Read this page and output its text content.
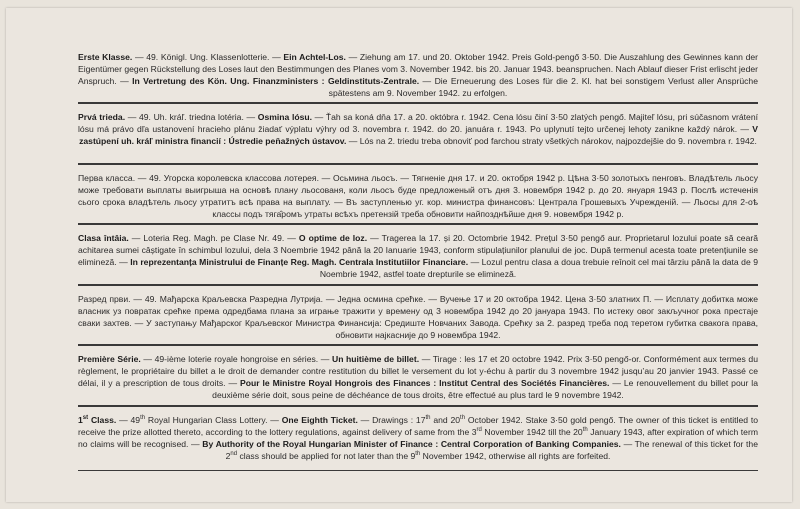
Erste Klasse. — 49. Königl. Ung. Klassenlotterie. — Ein Achtel-Los. — Ziehung am 17. und 20. Oktober 1942. Preis Gold-pengő 3·50. Die Auszahlung des Gewinnes kann der Eigentümer gegen Rückstellung des Loses laut den Bestimmungen des Planes vom 3. November 1942. bis 20. Januar 1943. beanspruchen. Nach Ablauf dieser Frist erlischt jeder Anspruch. — In Vertretung des Kön. Ung. Finanzministers : Geldinstituts-Zentrale. — Die Erneuerung des Loses für die 2. Kl. hat bei sonstigem Verlust aller Ansprüche spätestens am 9. November 1942. zu erfolgen.

Prvá trieda. — 49. Uh. kráľ. triedna lotéria. — Osmina lósu. — Ťah sa koná dňa 17. a 20. októbra r. 1942. Cena lósu činí 3·50 zlatých pengő. Majiteľ lósu, pri súčasnom vrátení lósu má právo dľa ustanovení hracieho plánu žiadať výplatu výhry od 3. novembra r. 1942. do 20. januára r. 1943. Po uplynutí tejto určenej lehoty zanikne každý nárok. — V zastúpení uh. kráľ ministra financií : Ústredie peňažných ústavov. — Lós na 2. triedu treba obnoviť pod farchou straty všetkých nárokov, najpozdejšie do 9. novembra r. 1942.

Перва класса. — 49. Угорска королевска класcова лотерея. — Осьмина льосъ. — Тягненіе дня 17. и 20. октобря 1942 р. Цѣна 3·50 золотыхъ пенговъ. Владѣтель льосу може требовати выплаты выигрыша на основѣ плану льосованя, коли льосъ буде предложеный отъ дня 3. новембря 1942 р. до 20. януаря 1943 р. Послѣ истеченія сього срока владѣтель льосу утратитъ всѣ права на выплату. — Въ заступленью уг. кор. министра финансовъ: Централа Грошевыхъ Учрежденій. — Льосы для 2-оѣ классы подъ тяга̂ромъ утраты всѣхъ претензій треба обновити найпозднѣйше дня 9. новембря 1942 р.

Clasa întâia. — Loteria Reg. Magh. pe Clase Nr. 49. — O optime de loz. — Tragerea la 17. și 20. Octombrie 1942. Prețul 3·50 pengő aur. Proprietarul lozului poate să ceară achitarea sumei câștigate în schimbul lozului, dela 3 Noembrie 1942 până la 20 Ianuarie 1943, conform stipulațiunilor planului de joc. După termenul acesta toate pretențiunile se elimineză. — In reprezentanța Ministrului de Finanțe Reg. Magh. Centrala Institutiilor Financiare. — Lozul pentru clasa a doua trebuie reînoit cel mai târziu până la data de 9 Noembrie 1942, astfel toate drepturile se elimineză.

Разред први. — 49. Мађарска Краљевска Разредна Лутрија. — Једна осмина срећке. — Вучење 17 и 20 октобра 1942. Цена 3·50 златних П. — Исплату добитка може власник уз повратак срећке према одредбама плана за играње тражити у времену од 3 новембра 1942 до 20 јануара 1943. По истеку овог закључног рока престаје свaки захтев. — У заступању Мађарског Краљевског Министра Финансија: Средиште Новчаних Завода. Срећку за 2. разред треба под теретом губитка свакога права, обновити најкасније до 9 новембра 1942.

Première Série. — 49-ième loterie royale hongroise en séries. — Un huitième de billet. — Tirage : les 17 et 20 octobre 1942. Prix 3·50 pengő-or. Conformément aux termes du règlement, le propriétaire du billet a le droit de demander contre restitution du billet le versement du lot y-échu à partir du 3 novembre 1942 jusqu’au 20 janvier 1943. Passé ce délai, il y a prescription de tous droits. — Pour le Ministre Royal Hongrois des Finances : Institut Central des Sociétés Financières. — Le renouvellement du billet pour la deuxième série doit, sous peine de déchéance de tous droits, être effectué au plus tard le 9 novembre 1942.

1st Class. — 49th Royal Hungarian Class Lottery. — One Eighth Ticket. — Drawings : 17th and 20th October 1942. Stake 3·50 gold pengő. The owner of this ticket is entitled to receive the prize allotted thereto, according to the lottery regulations, against delivery of same from the 3rd November 1942 till the 20th January 1943, after expiration of which term no claims will be recognised. — By Authority of the Royal Hungarian Minister of Finance : Central Corporation of Banking Companies. — The renewal of this ticket for the 2nd class should be applied for not later than the 9th November 1942, otherwise all rights are forfeited.
